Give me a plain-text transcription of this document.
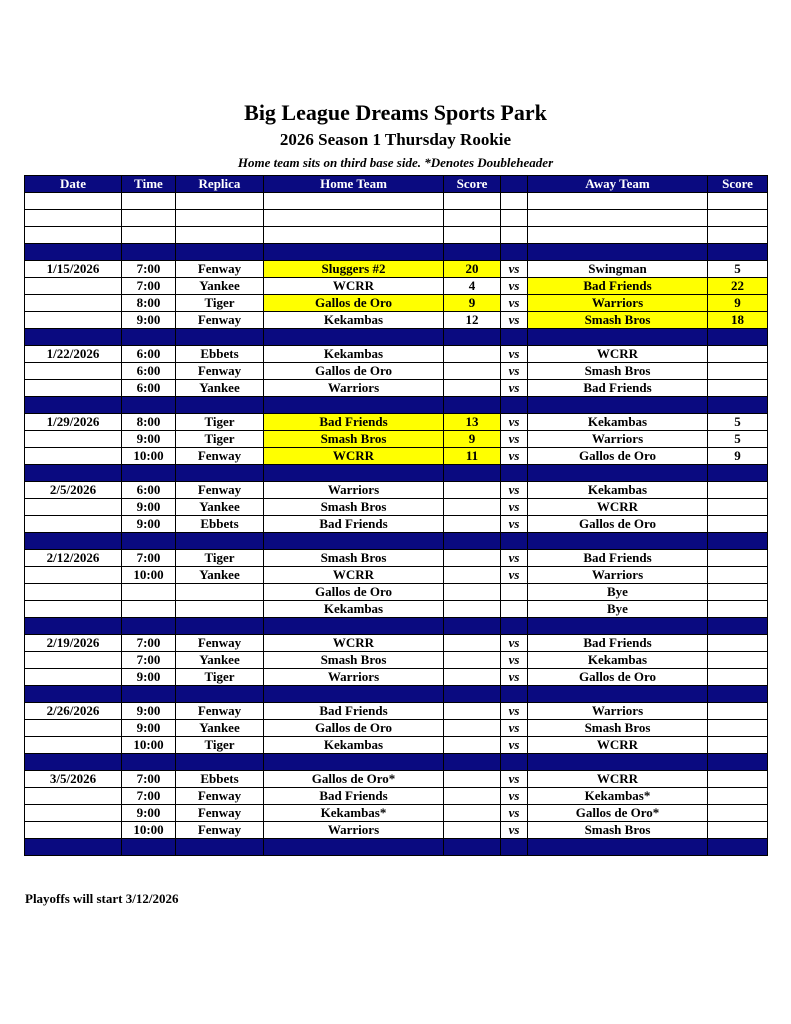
Big League Dreams Sports Park
2026 Season 1 Thursday Rookie
Home team sits on third base side. *Denotes Doubleheader
Date	Time	Replica	Home Team	Score		Away Team	Score

1/15/2026	7:00	Fenway	Sluggers #2	20	vs	Swingman	5
	7:00	Yankee	WCRR	4	vs	Bad Friends	22
	8:00	Tiger	Gallos de Oro	9	vs	Warriors	9
	9:00	Fenway	Kekambas	12	vs	Smash Bros	18

1/22/2026	6:00	Ebbets	Kekambas		vs	WCRR	
	6:00	Fenway	Gallos de Oro		vs	Smash Bros	
	6:00	Yankee	Warriors		vs	Bad Friends	

1/29/2026	8:00	Tiger	Bad Friends	13	vs	Kekambas	5
	9:00	Tiger	Smash Bros	9	vs	Warriors	5
	10:00	Fenway	WCRR	11	vs	Gallos de Oro	9

2/5/2026	6:00	Fenway	Warriors		vs	Kekambas	
	9:00	Yankee	Smash Bros		vs	WCRR	
	9:00	Ebbets	Bad Friends		vs	Gallos de Oro	

2/12/2026	7:00	Tiger	Smash Bros		vs	Bad Friends	
	10:00	Yankee	WCRR		vs	Warriors	
			Gallos de Oro			Bye	
			Kekambas			Bye	

2/19/2026	7:00	Fenway	WCRR		vs	Bad Friends	
	7:00	Yankee	Smash Bros		vs	Kekambas	
	9:00	Tiger	Warriors		vs	Gallos de Oro	

2/26/2026	9:00	Fenway	Bad Friends		vs	Warriors	
	9:00	Yankee	Gallos de Oro		vs	Smash Bros	
	10:00	Tiger	Kekambas		vs	WCRR	

3/5/2026	7:00	Ebbets	Gallos de Oro*		vs	WCRR	
	7:00	Fenway	Bad Friends		vs	Kekambas*	
	9:00	Fenway	Kekambas*		vs	Gallos de Oro*	
	10:00	Fenway	Warriors		vs	Smash Bros	

Playoffs will start 3/12/2026
